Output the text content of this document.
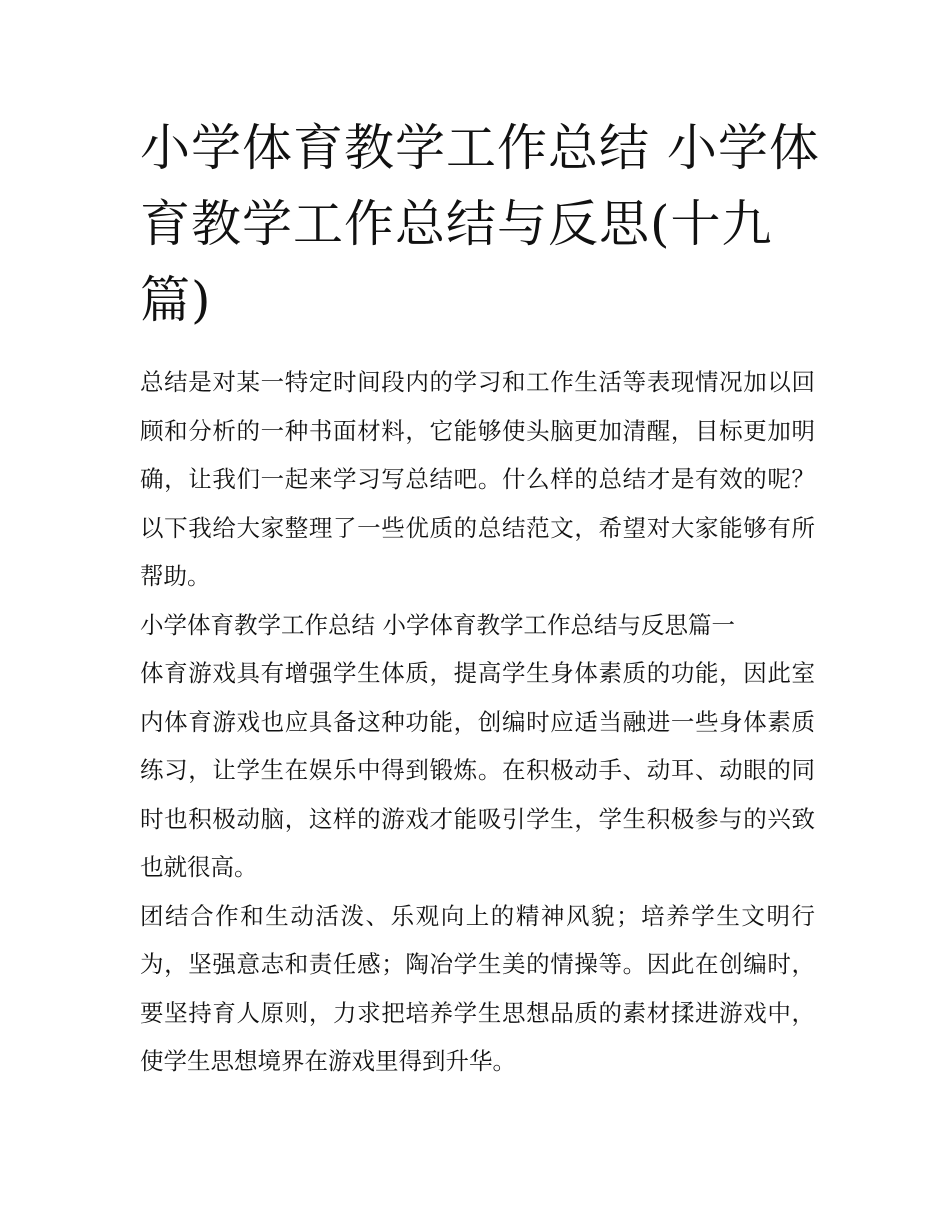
小学体育教学工作总结 小学体育教学工作总结与反思(十九篇)

总结是对某一特定时间段内的学习和工作生活等表现情况加以回顾和分析的一种书面材料，它能够使头脑更加清醒，目标更加明确，让我们一起来学习写总结吧。什么样的总结才是有效的呢？以下我给大家整理了一些优质的总结范文，希望对大家能够有所帮助。

小学体育教学工作总结 小学体育教学工作总结与反思篇一

体育游戏具有增强学生体质，提高学生身体素质的功能，因此室内体育游戏也应具备这种功能，创编时应适当融进一些身体素质练习，让学生在娱乐中得到锻炼。在积极动手、动耳、动眼的同时也积极动脑，这样的游戏才能吸引学生，学生积极参与的兴致也就很高。

团结合作和生动活泼、乐观向上的精神风貌；培养学生文明行为，坚强意志和责任感；陶冶学生美的情操等。因此在创编时，要坚持育人原则，力求把培养学生思想品质的素材揉进游戏中，使学生思想境界在游戏里得到升华。
